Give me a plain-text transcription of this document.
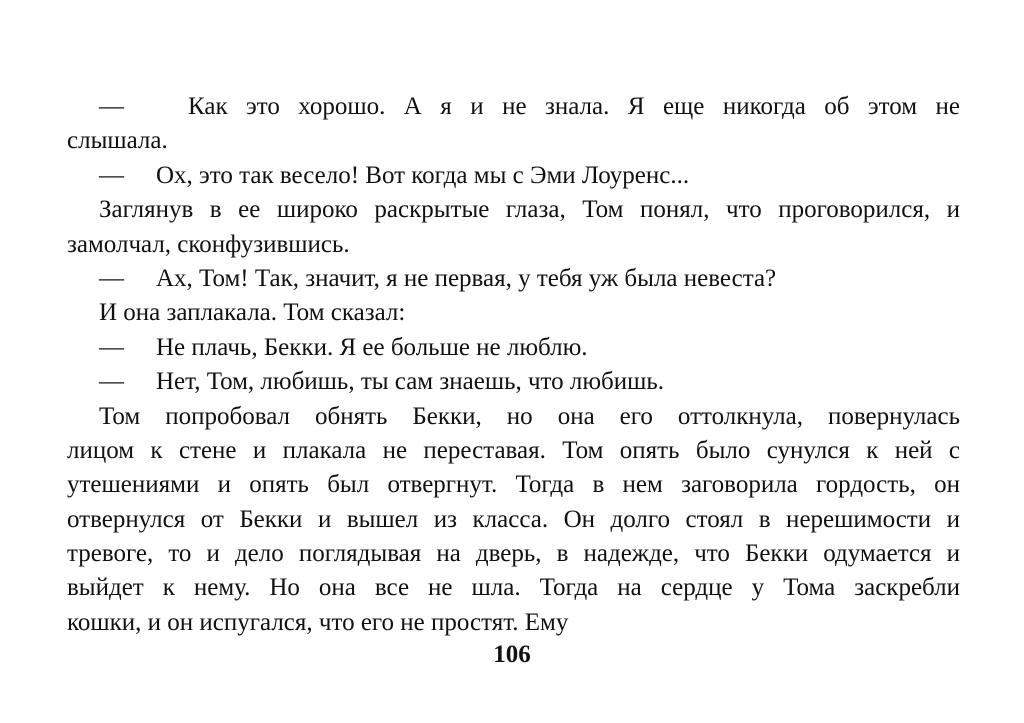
—	Как это хорошо. А я и не знала. Я еще никогда об этом не
слышала.
— Ох, это так весело! Вот когда мы с Эми Лоуренс...
Заглянув в ее широко раскрытые глаза, Том понял, что проговорился, и
замолчал, сконфузившись.
— Ах, Том! Так, значит, я не первая, у тебя уж была невеста?
И она заплакала. Том сказал:
— Не плачь, Бекки. Я ее больше не люблю.
— Нет, Том, любишь, ты сам знаешь, что любишь.
Том попробовал обнять Бекки, но она его оттолкнула, повернулась
лицом к стене и плакала не переставая. Том опять было сунулся к ней с
утешениями и опять был отвергнут. Тогда в нем заговорила гордость, он
отвернулся от Бекки и вышел из класса. Он долго стоял в нерешимости и
тревоге, то и дело поглядывая на дверь, в надежде, что Бекки одумается и
выйдет к нему. Но она все не шла. Тогда на сердце у Тома заскребли
кошки, и он испугался, что его не простят. Ему
106
